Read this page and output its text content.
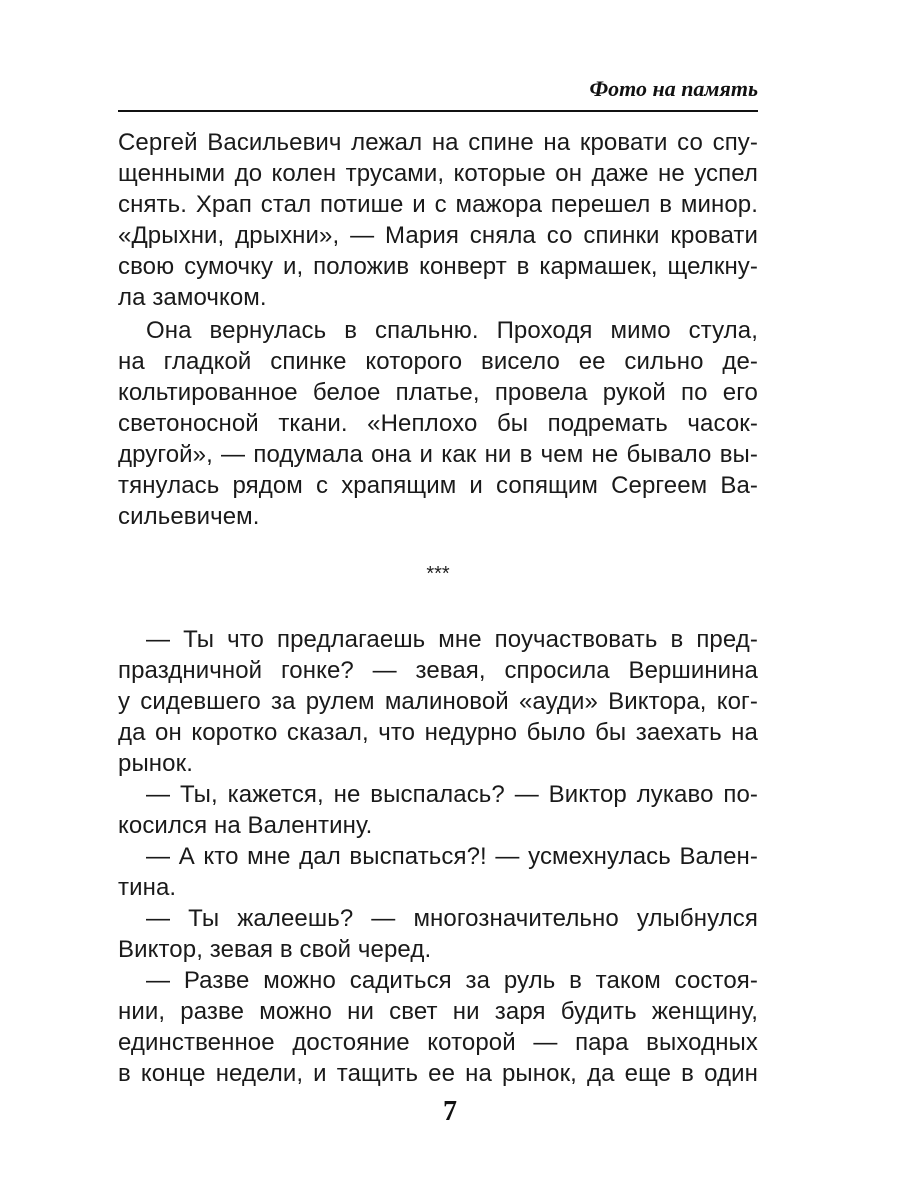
Фото на память

Сергей Васильевич лежал на спине на кровати со спу-

щенными до колен трусами, которые он даже не успел

снять. Храп стал потише и с мажора перешел в минор.

«Дрыхни, дрыхни», — Мария сняла со спинки кровати

свою сумочку и, положив конверт в кармашек, щелкну-

ла замочком.

Она вернулась в спальню. Проходя мимо стула,

на гладкой спинке которого висело ее сильно де-

кольтированное белое платье, провела рукой по его

светоносной ткани. «Неплохо бы подремать часок-

другой», — подумала она и как ни в чем не бывало вы-

тянулась рядом с храпящим и сопящим Сергеем Ва-

сильевичем.

***

— Ты что предлагаешь мне поучаствовать в пред-

праздничной гонке? — зевая, спросила Вершинина

у сидевшего за рулем малиновой «ауди» Виктора, ког-

да он коротко сказал, что недурно было бы заехать на

рынок.

— Ты, кажется, не выспалась? — Виктор лукаво по-

косился на Валентину.

— А кто мне дал выспаться?! — усмехнулась Вален-

тина.

— Ты жалеешь? — многозначительно улыбнулся

Виктор, зевая в свой черед.

— Разве можно садиться за руль в таком состоя-

нии, разве можно ни свет ни заря будить женщину,

единственное достояние которой — пара выходных

в конце недели, и тащить ее на рынок, да еще в один

7
